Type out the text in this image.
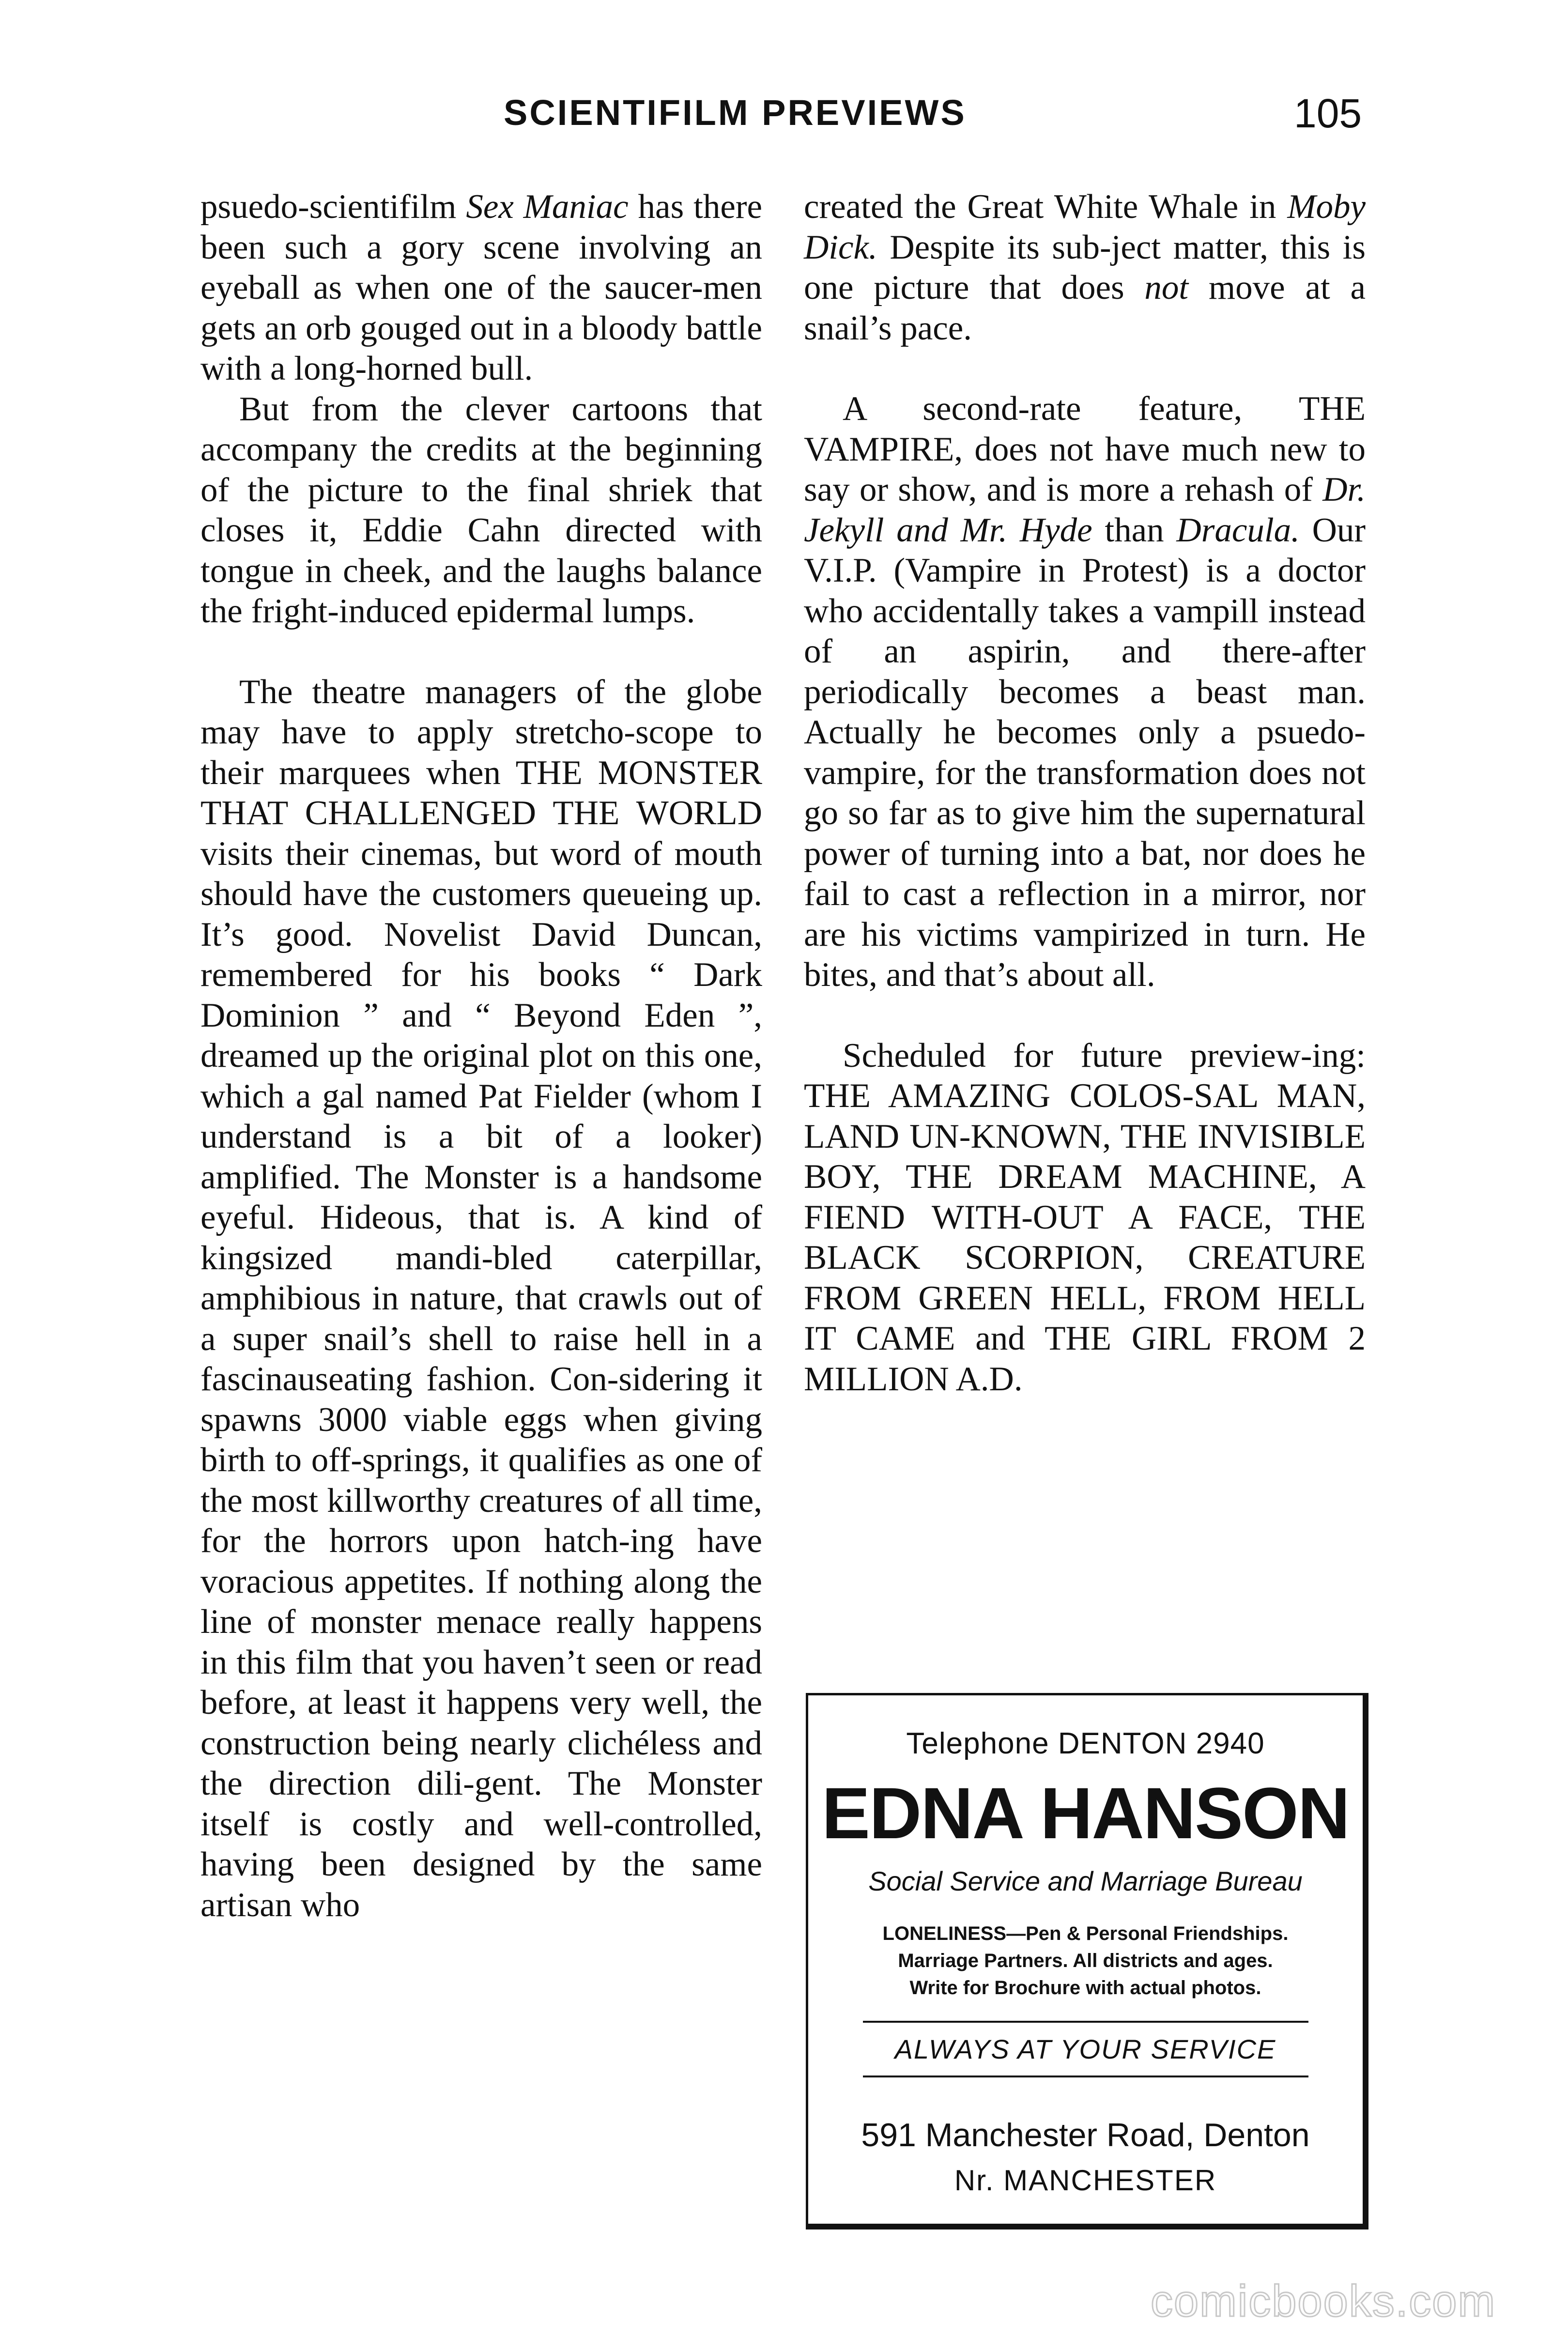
SCIENTIFILM PREVIEWS	105

psuedo-scientifilm Sex Maniac has there been such a gory scene involving an eyeball as when one of the saucer-men gets an orb gouged out in a bloody battle with a long-horned bull.

But from the clever cartoons that accompany the credits at the beginning of the picture to the final shriek that closes it, Eddie Cahn directed with tongue in cheek, and the laughs balance the fright-induced epidermal lumps.

The theatre managers of the globe may have to apply stretcho-scope to their marquees when THE MONSTER THAT CHALLENGED THE WORLD visits their cinemas, but word of mouth should have the customers queueing up. It’s good. Novelist David Duncan, remembered for his books “ Dark Dominion ” and “ Beyond Eden ”, dreamed up the original plot on this one, which a gal named Pat Fielder (whom I understand is a bit of a looker) amplified. The Monster is a handsome eyeful. Hideous, that is. A kind of kingsized mandi-bled caterpillar, amphibious in nature, that crawls out of a super snail’s shell to raise hell in a fascinauseating fashion. Con-sidering it spawns 3000 viable eggs when giving birth to off-springs, it qualifies as one of the most killworthy creatures of all time, for the horrors upon hatch-ing have voracious appetites. If nothing along the line of monster menace really happens in this film that you haven’t seen or read before, at least it happens very well, the construction being nearly clichéless and the direction dili-gent. The Monster itself is costly and well-controlled, having been designed by the same artisan who

created the Great White Whale in Moby Dick. Despite its sub-ject matter, this is one picture that does not move at a snail’s pace.

A second-rate feature, THE VAMPIRE, does not have much new to say or show, and is more a rehash of Dr. Jekyll and Mr. Hyde than Dracula. Our V.I.P. (Vampire in Protest) is a doctor who accidentally takes a vampill instead of an aspirin, and there-after periodically becomes a beast man. Actually he becomes only a psuedo-vampire, for the transformation does not go so far as to give him the supernatural power of turning into a bat, nor does he fail to cast a reflection in a mirror, nor are his victims vampirized in turn. He bites, and that’s about all.

Scheduled for future preview-ing: THE AMAZING COLOS-SAL MAN, LAND UN-KNOWN, THE INVISIBLE BOY, THE DREAM MACHINE, A FIEND WITH-OUT A FACE, THE BLACK SCORPION, CREATURE FROM GREEN HELL, FROM HELL IT CAME and THE GIRL FROM 2 MILLION A.D.

Telephone DENTON 2940
EDNA HANSON
Social Service and Marriage Bureau
LONELINESS—Pen & Personal Friendships.
Marriage Partners. All districts and ages.
Write for Brochure with actual photos.
ALWAYS AT YOUR SERVICE
591 Manchester Road, Denton
Nr. MANCHESTER
comicbooks.com
